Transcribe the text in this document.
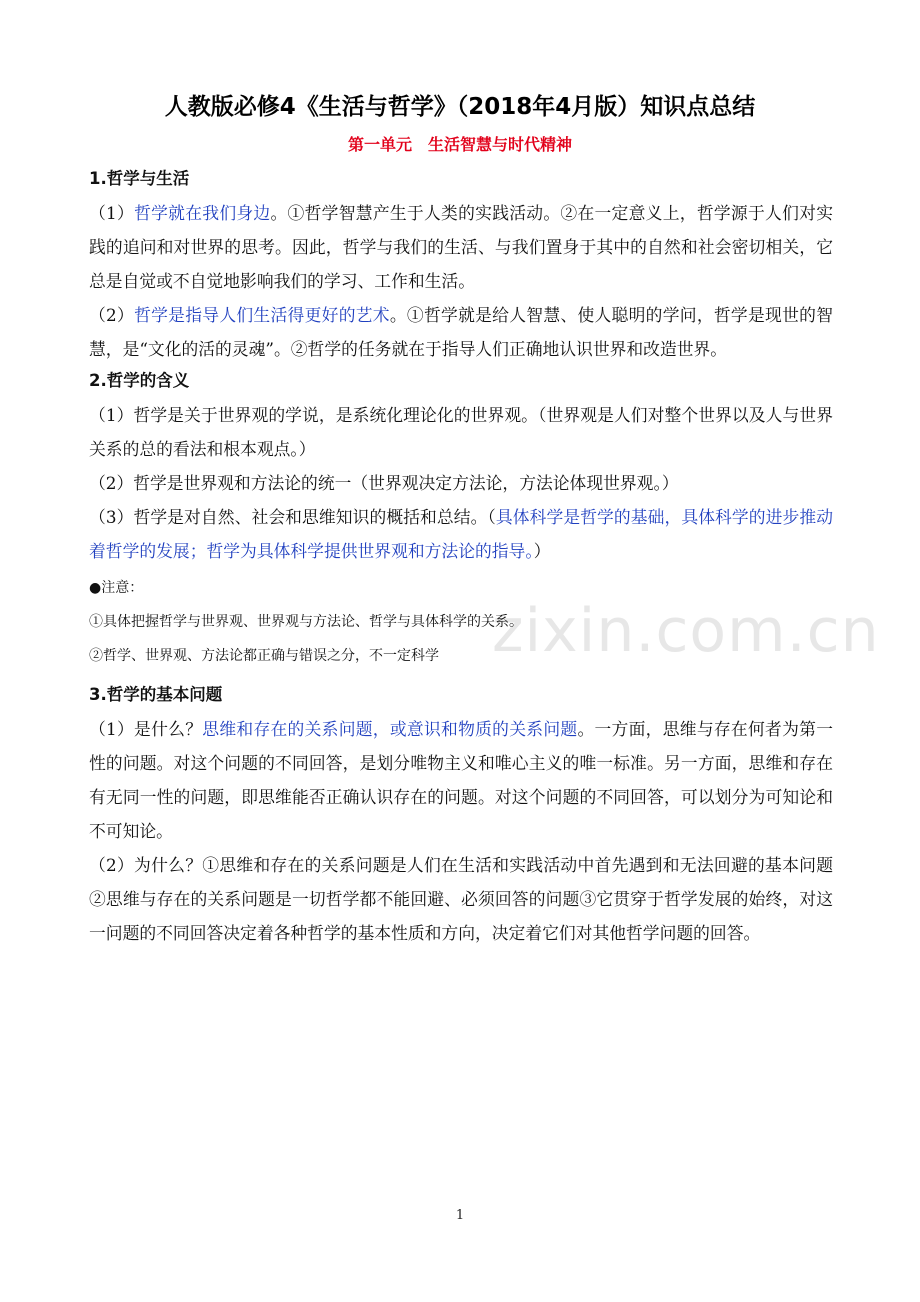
zixin.com.cn
人教版必修4《生活与哲学》（2018年4月版）知识点总结
第一单元　生活智慧与时代精神
1.哲学与生活

（1）哲学就在我们身边。①哲学智慧产生于人类的实践活动。②在一定意义上，哲学源于人们对实践的追问和对世界的思考。因此，哲学与我们的生活、与我们置身于其中的自然和社会密切相关，它总是自觉或不自觉地影响我们的学习、工作和生活。

（2）哲学是指导人们生活得更好的艺术。①哲学就是给人智慧、使人聪明的学问，哲学是现世的智慧，是“文化的活的灵魂”。②哲学的任务就在于指导人们正确地认识世界和改造世界。

2.哲学的含义

（1）哲学是关于世界观的学说，是系统化理论化的世界观。（世界观是人们对整个世界以及人与世界关系的总的看法和根本观点。）

（2）哲学是世界观和方法论的统一（世界观决定方法论，方法论体现世界观。）

（3）哲学是对自然、社会和思维知识的概括和总结。（具体科学是哲学的基础，具体科学的进步推动着哲学的发展；哲学为具体科学提供世界观和方法论的指导。）

●注意：
①具体把握哲学与世界观、世界观与方法论、哲学与具体科学的关系。
②哲学、世界观、方法论都正确与错误之分，不一定科学
3.哲学的基本问题

（1）是什么？思维和存在的关系问题，或意识和物质的关系问题。一方面，思维与存在何者为第一性的问题。对这个问题的不同回答，是划分唯物主义和唯心主义的唯一标准。另一方面，思维和存在有无同一性的问题，即思维能否正确认识存在的问题。对这个问题的不同回答，可以划分为可知论和不可知论。

（2）为什么？①思维和存在的关系问题是人们在生活和实践活动中首先遇到和无法回避的基本问题②思维与存在的关系问题是一切哲学都不能回避、必须回答的问题③它贯穿于哲学发展的始终，对这一问题的不同回答决定着各种哲学的基本性质和方向，决定着它们对其他哲学问题的回答。

1
